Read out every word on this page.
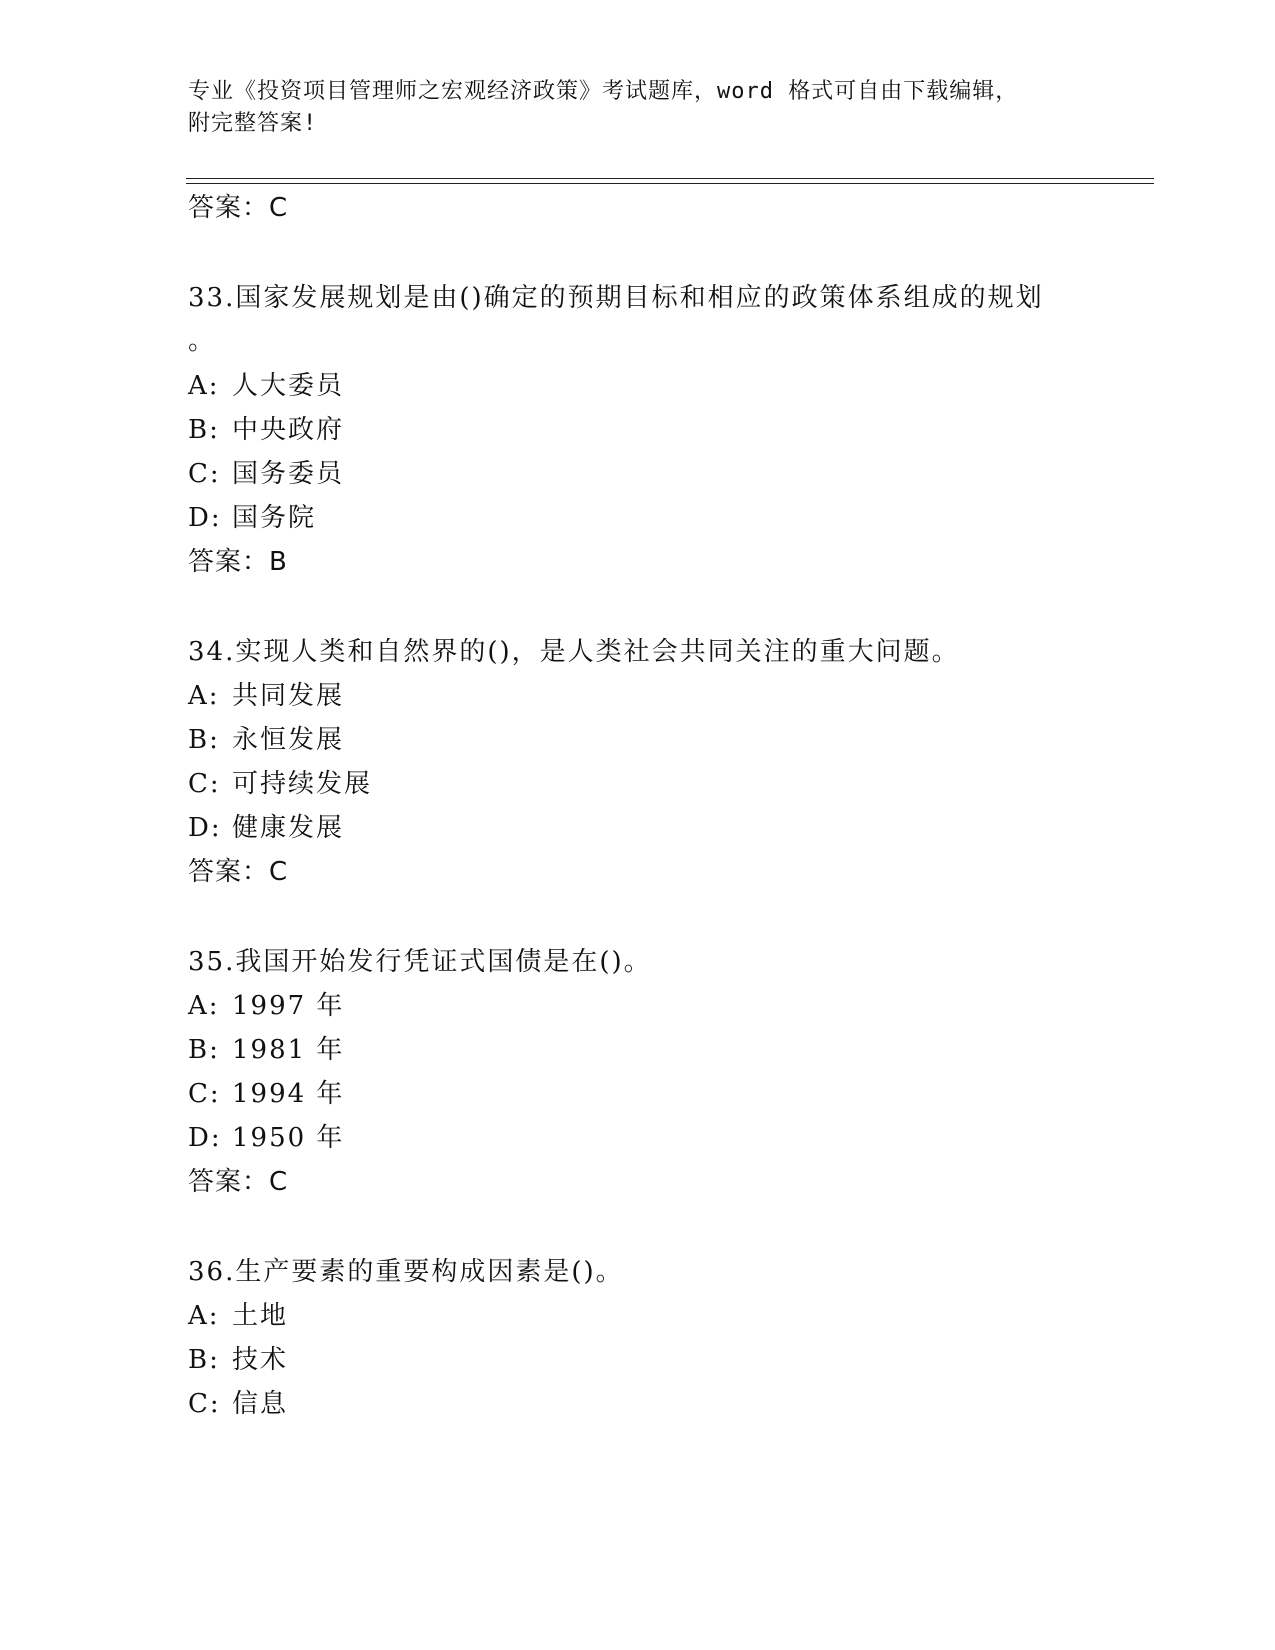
专业《投资项目管理师之宏观经济政策》考试题库，word 格式可自由下载编辑，
附完整答案!
答案：C
33.国家发展规划是由()确定的预期目标和相应的政策体系组成的规划
。
A: 人大委员
B: 中央政府
C: 国务委员
D: 国务院
答案：B
34.实现人类和自然界的()，是人类社会共同关注的重大问题。
A: 共同发展
B: 永恒发展
C: 可持续发展
D: 健康发展
答案：C
35.我国开始发行凭证式国债是在()。
A: 1997 年
B: 1981 年
C: 1994 年
D: 1950 年
答案：C
36.生产要素的重要构成因素是()。
A: 土地
B: 技术
C: 信息
